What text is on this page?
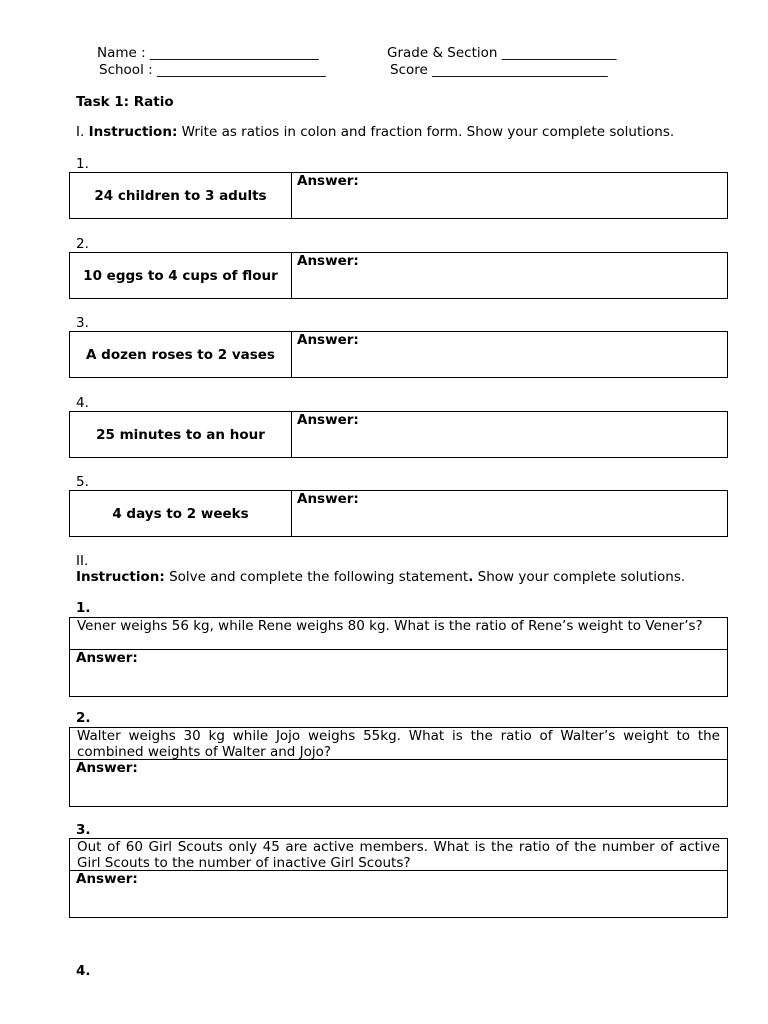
Name : _________________________
School : _________________________
Grade & Section _________________
Score __________________________
Task 1: Ratio
I. Instruction: Write as ratios in colon and fraction form. Show your complete solutions.
1.
24 children to 3 adults
Answer:
2.
10 eggs to 4 cups of flour
Answer:
3.
A dozen roses to 2 vases
Answer:
4.
25 minutes to an hour
Answer:
5.
4 days to 2 weeks
Answer:
II.
Instruction: Solve and complete the following statement. Show your complete solutions.
1.
Vener weighs 56 kg, while Rene weighs 80 kg. What is the ratio of Rene’s weight to Vener’s?
Answer:
2.
Walter weighs 30 kg while Jojo weighs 55kg. What is the ratio of Walter’s weight to the combined weights of Walter and Jojo?
Answer:
3.
Out of 60 Girl Scouts only 45 are active members. What is the ratio of the number of active Girl Scouts to the number of inactive Girl Scouts?
Answer:
4.
